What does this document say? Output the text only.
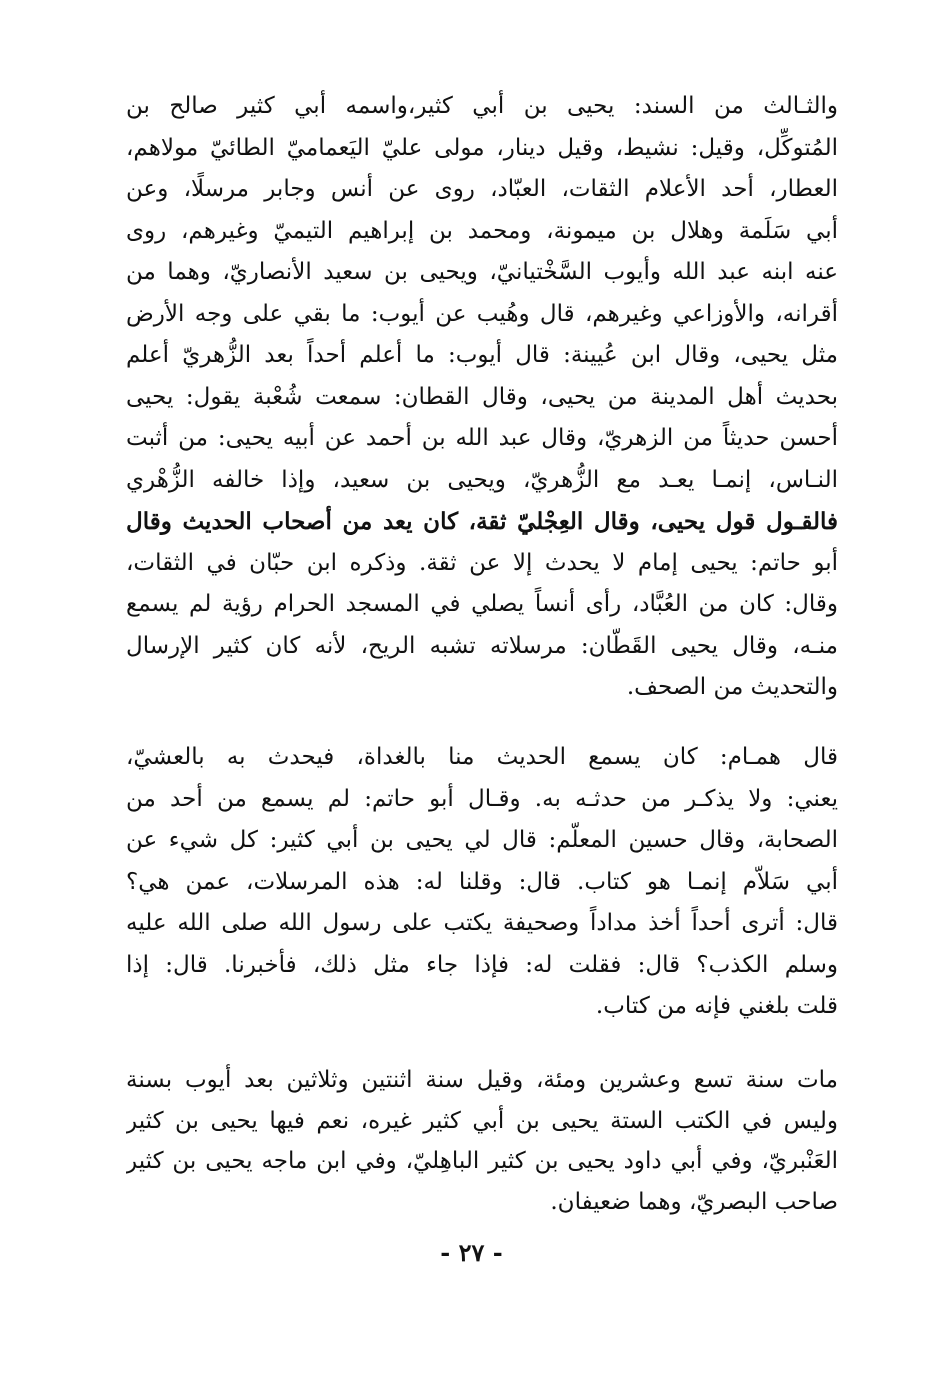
والثـالث من السند: يحيى بن أبي كثير،واسمه أبي كثير صالح بن
المُتوكِّل، وقيل: نشيط، وقيل دينار، مولى عليّ اليَعماميّ الطائيّ مولاهم،
العطار، أحد الأعلام الثقات، العبّاد، روى عن أنس وجابر مرسلًا، وعن
أبي سَلَمة وهلال بن ميمونة، ومحمد بن إبراهيم التيميّ وغيرهم، روى
عنه ابنه عبد الله وأيوب السَّخْتيانيّ، ويحيى بن سعيد الأنصاريّ، وهما من
أقرانه، والأوزاعي وغيرهم، قال وهُيب عن أيوب: ما بقي على وجه الأرض
مثل يحيى، وقال ابن عُيينة: قال أيوب: ما أعلم أحداً بعد الزُّهريّ أعلم
بحديث أهل المدينة من يحيى، وقال القطان: سمعت شُعْبة يقول: يحيى
أحسن حديثاً من الزهريّ، وقال عبد الله بن أحمد عن أبيه يحيى: من أثبت
النـاس، إنمـا يعـد مع الزُّهريّ، ويحيى بن سعيد، وإذا خالفه الزُّهْري
فالقـول قول يحيى، وقال العِجْليّ ثقة، كان يعد من أصحاب الحديث وقال
أبو حاتم: يحيى إمام لا يحدث إلا عن ثقة. وذكره ابن حبّان في الثقات،
وقال: كان من العُبَّاد، رأى أنساً يصلي في المسجد الحرام رؤية لم يسمع
منـه، وقال يحيى القَطّان: مرسلاته تشبه الريح، لأنه كان كثير الإرسال
والتحديث من الصحف.
قال همـام: كان يسمع الحديث منا بالغداة، فيحدث به بالعشيّ،
يعني: ولا يذكـر من حدثـه به. وقـال أبو حاتم: لم يسمع من أحد من
الصحابة، وقال حسين المعلّم: قال لي يحيى بن أبي كثير: كل شيء عن
أبي سَلاّم إنمـا هو كتاب. قال: وقلنا له: هذه المرسلات، عمن هي؟
قال: أترى أحداً أخذ مداداً وصحيفة يكتب على رسول الله صلى الله عليه
وسلم الكذب؟ قال: فقلت له: فإذا جاء مثل ذلك، فأخبرنا. قال: إذا
قلت بلغني فإنه من كتاب.
مات سنة تسع وعشرين ومئة، وقيل سنة اثنتين وثلاثين بعد أيوب بسنة
وليس في الكتب الستة يحيى بن أبي كثير غيره، نعم فيها يحيى بن كثير
العَنْبريّ، وفي أبي داود يحيى بن كثير الباهِليّ، وفي ابن ماجه يحيى بن كثير
صاحب البصريّ، وهما ضعيفان.
- ٢٧ -
